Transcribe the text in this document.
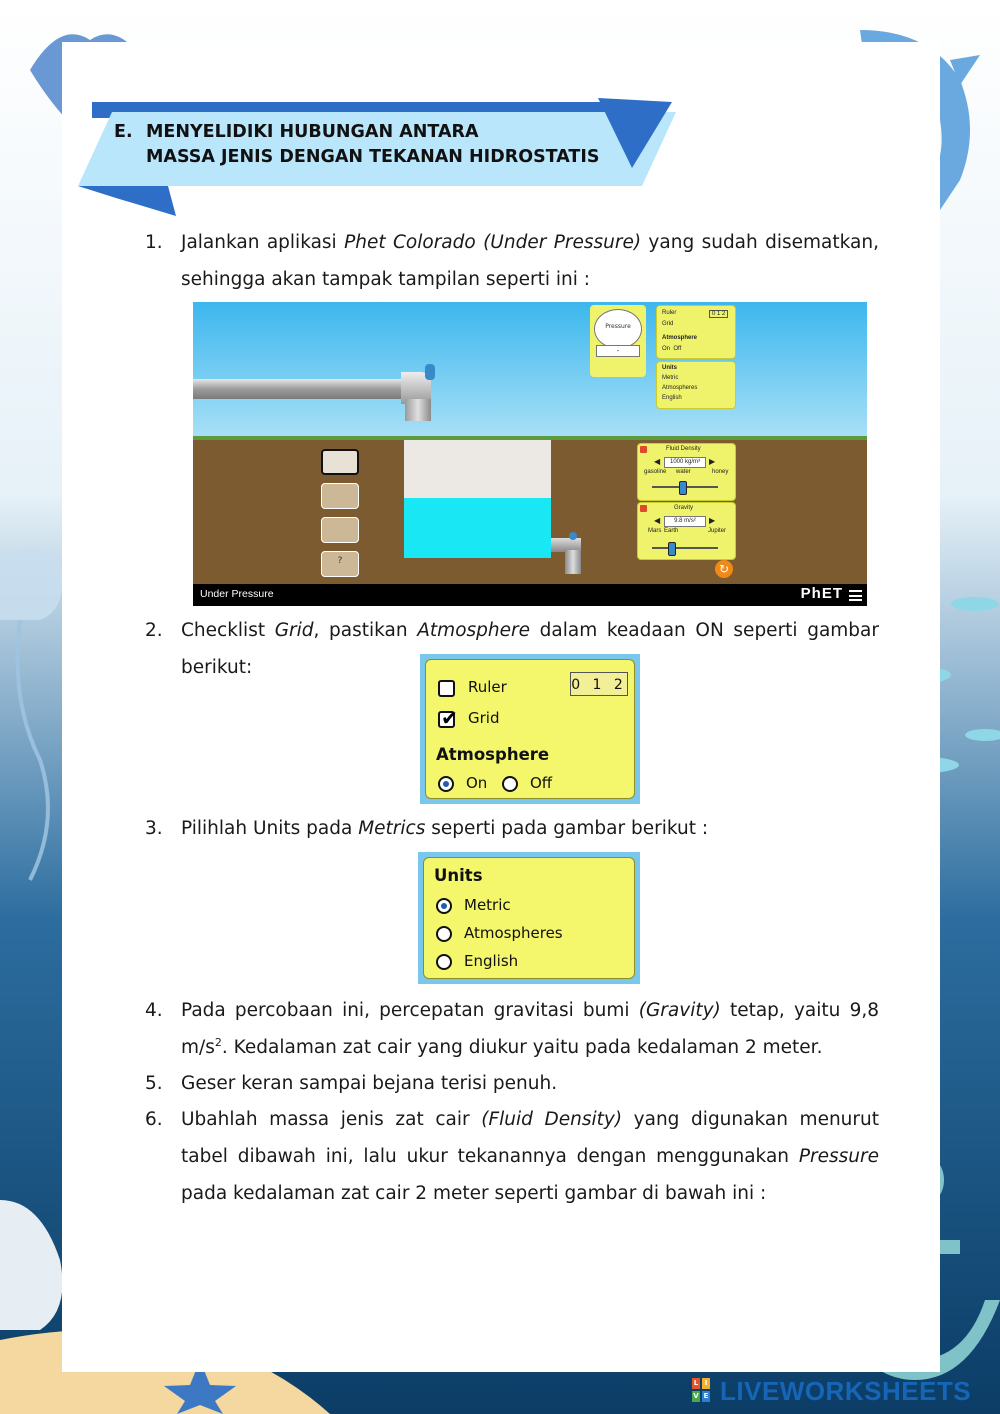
E. MENYELIDIKI HUBUNGAN ANTARA
MASSA JENIS DENGAN TEKANAN HIDROSTATIS
1. Jalankan aplikasi Phet Colorado (Under Pressure) yang sudah disematkan, sehingga akan tampak tampilan seperti ini :
?
Pressure
-
Ruler	0 1 2
Grid
Atmosphere
On Off
Units
Metric
Atmospheres
English
Fluid Density
◀	1000 kg/m³	▶
gasoline water	honey
Gravity
◀	9.8 m/s²	▶
Mars Earth	Jupiter
↻
Under Pressure	PhET
2. Checklist Grid, pastikan Atmosphere dalam keadaan ON seperti gambar berikut:
Ruler	0 1 2
✔
Grid
Atmosphere
On	Off
3. Pilihlah Units pada Metrics seperti pada gambar berikut :
Units
Metric
Atmospheres
English
4. Pada percobaan ini, percepatan gravitasi bumi (Gravity) tetap, yaitu 9,8 $m/s^2$. Kedalaman zat cair yang diukur yaitu pada kedalaman 2 meter.
5. Geser keran sampai bejana terisi penuh.
6. Ubahlah massa jenis zat cair (Fluid Density) yang digunakan menurut tabel dibawah ini, lalu ukur tekanannya dengan menggunakan Pressure pada kedalaman zat cair 2 meter seperti gambar di bawah ini :
L I
V E LIVEWORKSHEETS
